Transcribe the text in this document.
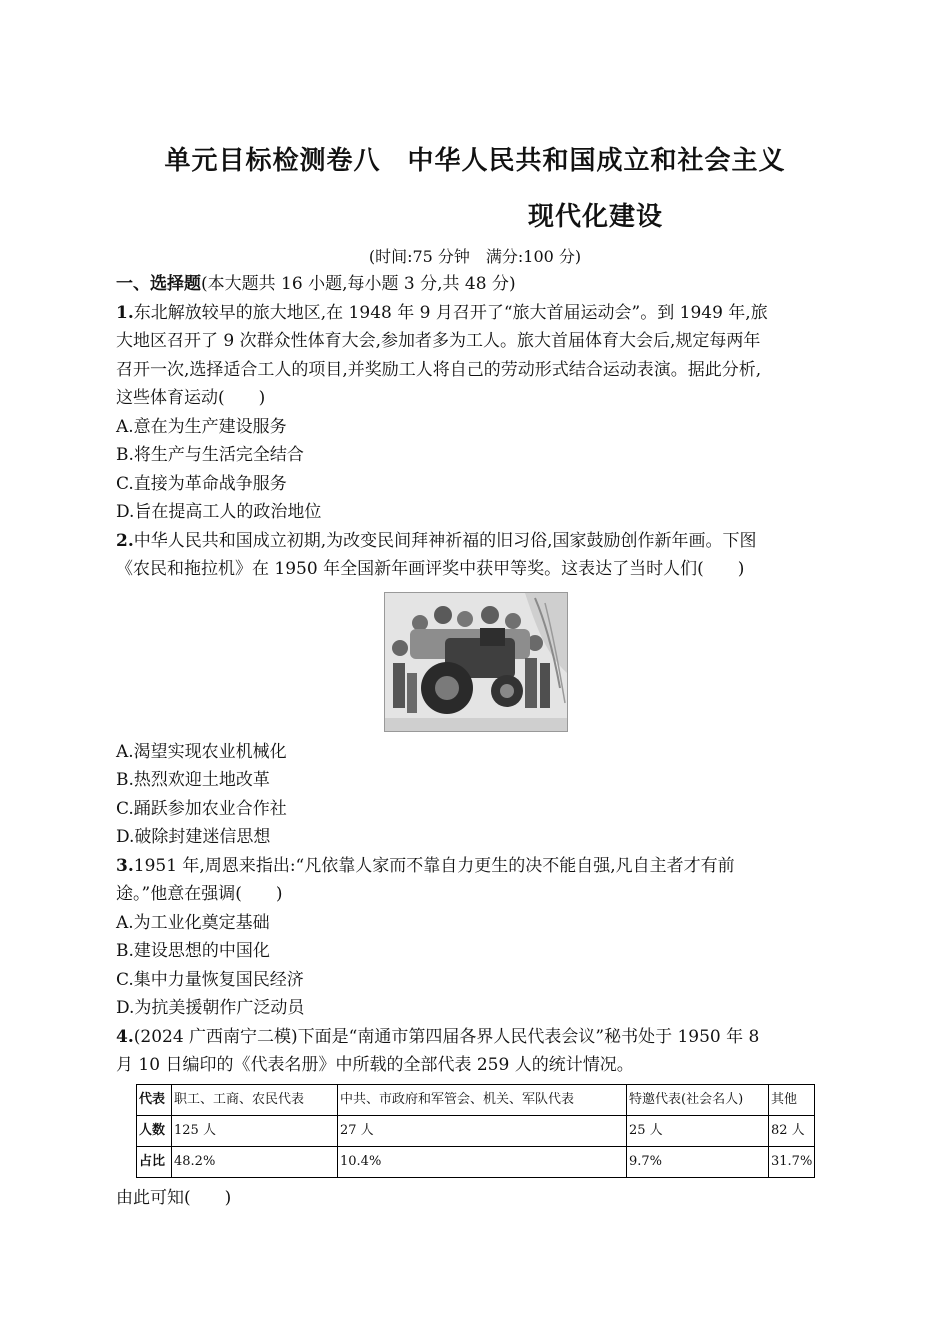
单元目标检测卷八　中华人民共和国成立和社会主义
现代化建设
(时间:75 分钟　满分:100 分)
一、选择题(本大题共 16 小题,每小题 3 分,共 48 分)
1.东北解放较早的旅大地区,在 1948 年 9 月召开了“旅大首届运动会”。到 1949 年,旅
大地区召开了 9 次群众性体育大会,参加者多为工人。旅大首届体育大会后,规定每两年
召开一次,选择适合工人的项目,并奖励工人将自己的劳动形式结合运动表演。据此分析,
这些体育运动(　　)
A.意在为生产建设服务
B.将生产与生活完全结合
C.直接为革命战争服务
D.旨在提高工人的政治地位
2.中华人民共和国成立初期,为改变民间拜神祈福的旧习俗,国家鼓励创作新年画。下图
《农民和拖拉机》在 1950 年全国新年画评奖中获甲等奖。这表达了当时人们(　　)
A.渴望实现农业机械化
B.热烈欢迎土地改革
C.踊跃参加农业合作社
D.破除封建迷信思想
3.1951 年,周恩来指出:“凡依靠人家而不靠自力更生的决不能自强,凡自主者才有前
途。”他意在强调(　　)
A.为工业化奠定基础
B.建设思想的中国化
C.集中力量恢复国民经济
D.为抗美援朝作广泛动员
4.(2024 广西南宁二模)下面是“南通市第四届各界人民代表会议”秘书处于 1950 年 8
月 10 日编印的《代表名册》中所载的全部代表 259 人的统计情况。
代表	职工、工商、农民代表	中共、市政府和军管会、机关、军队代表	特邀代表(社会名人)	其他
人数	125 人	27 人	25 人	82 人
占比	48.2%	10.4%	9.7%	31.7%
由此可知(　　)
